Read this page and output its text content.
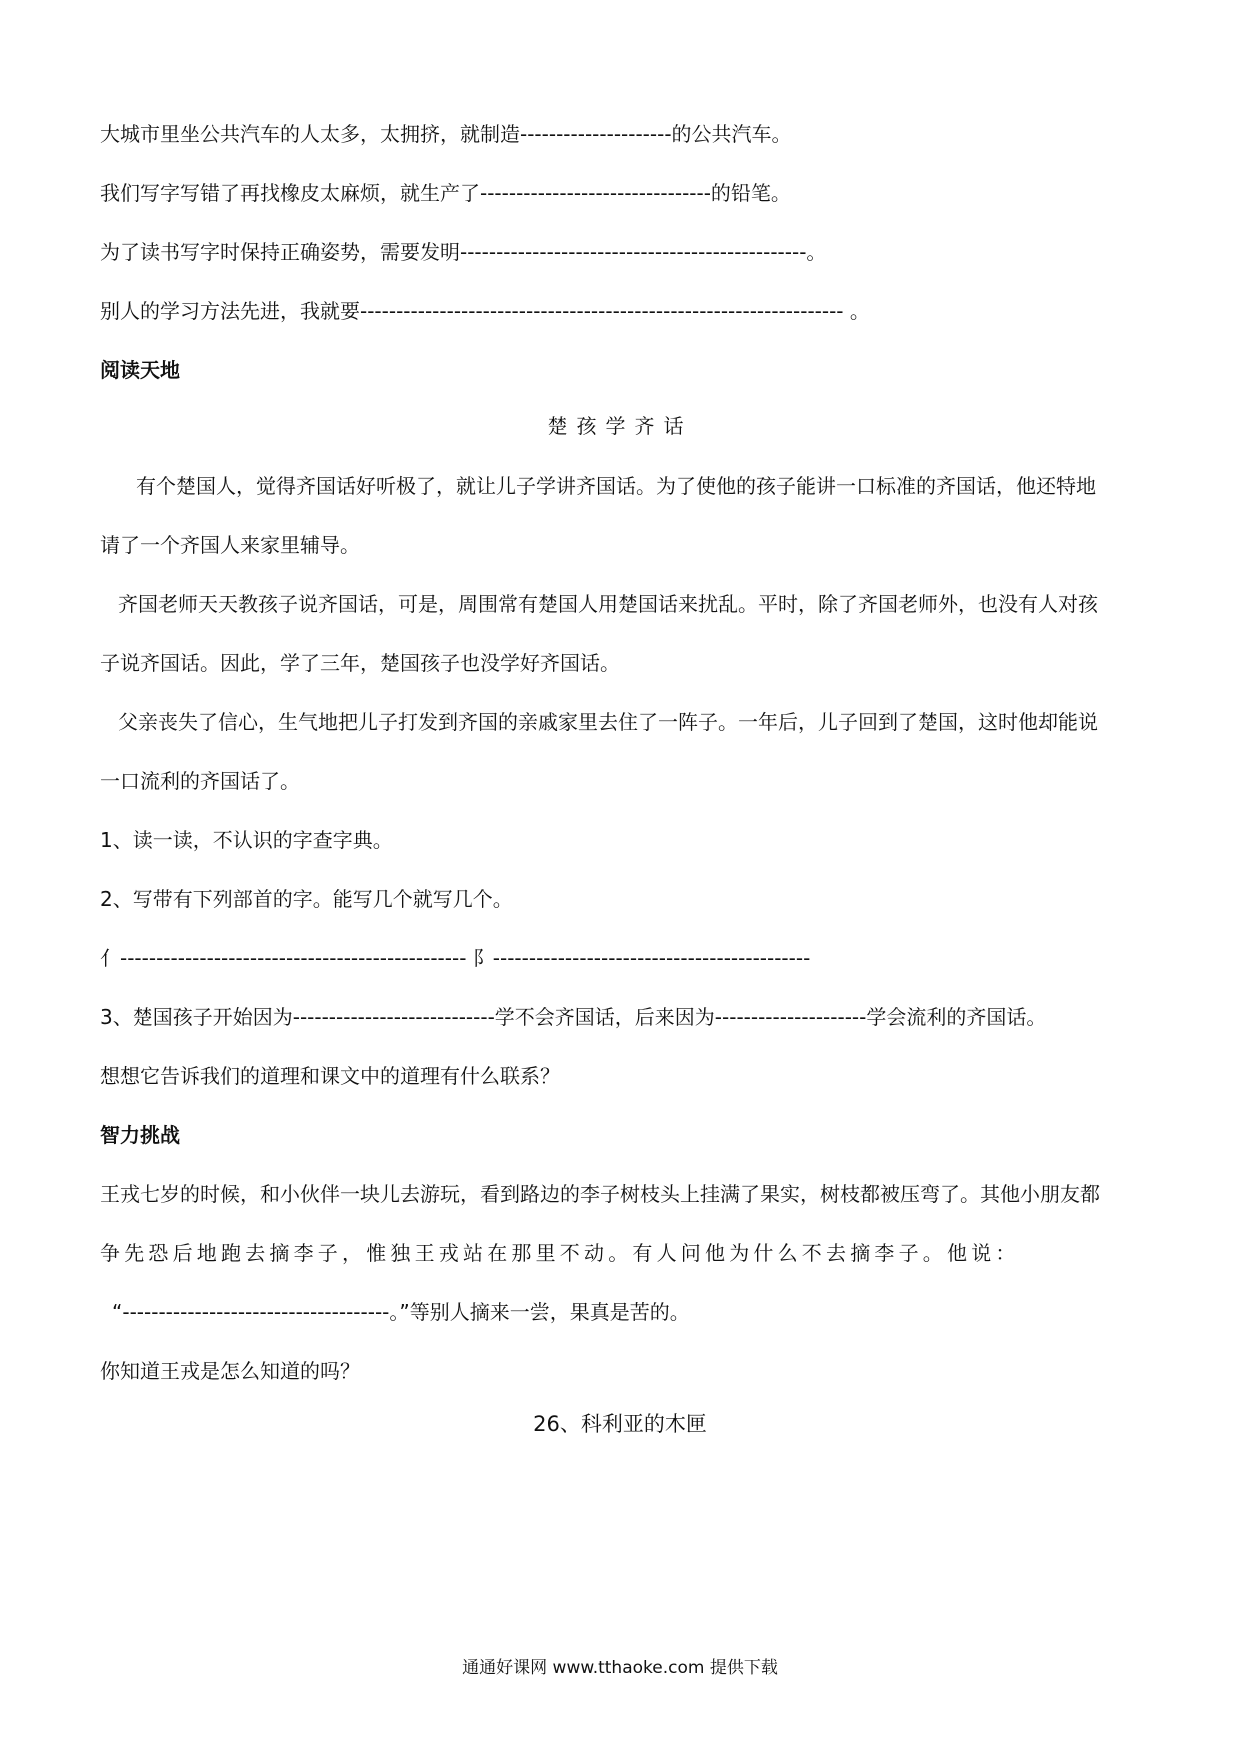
大城市里坐公共汽车的人太多，太拥挤，就制造---------------------的公共汽车。

我们写字写错了再找橡皮太麻烦，就生产了--------------------------------的铅笔。

为了读书写字时保持正确姿势，需要发明------------------------------------------------。

别人的学习方法先进，我就要------------------------------------------------------------------- 。

阅读天地

楚孩学齐话

有个楚国人，觉得齐国话好听极了，就让儿子学讲齐国话。为了使他的孩子能讲一口标准的齐国话，他还特地

请了一个齐国人来家里辅导。

齐国老师天天教孩子说齐国话，可是，周围常有楚国人用楚国话来扰乱。平时，除了齐国老师外，也没有人对孩

子说齐国话。因此，学了三年，楚国孩子也没学好齐国话。

父亲丧失了信心，生气地把儿子打发到齐国的亲戚家里去住了一阵子。一年后，儿子回到了楚国，这时他却能说

一口流利的齐国话了。

1、读一读，不认识的字查字典。

2、写带有下列部首的字。能写几个就写几个。

亻------------------------------------------------ 阝--------------------------------------------

3、楚国孩子开始因为----------------------------学不会齐国话，后来因为---------------------学会流利的齐国话。

想想它告诉我们的道理和课文中的道理有什么联系？

智力挑战

王戎七岁的时候，和小伙伴一块儿去游玩，看到路边的李子树枝头上挂满了果实，树枝都被压弯了。其他小朋友都

争先恐后地跑去摘李子，惟独王戎站在那里不动。有人问他为什么不去摘李子。他说：

“-------------------------------------。”等别人摘来一尝，果真是苦的。

你知道王戎是怎么知道的吗？

26、科利亚的木匣

通通好课网 www.tthaoke.com 提供下载
